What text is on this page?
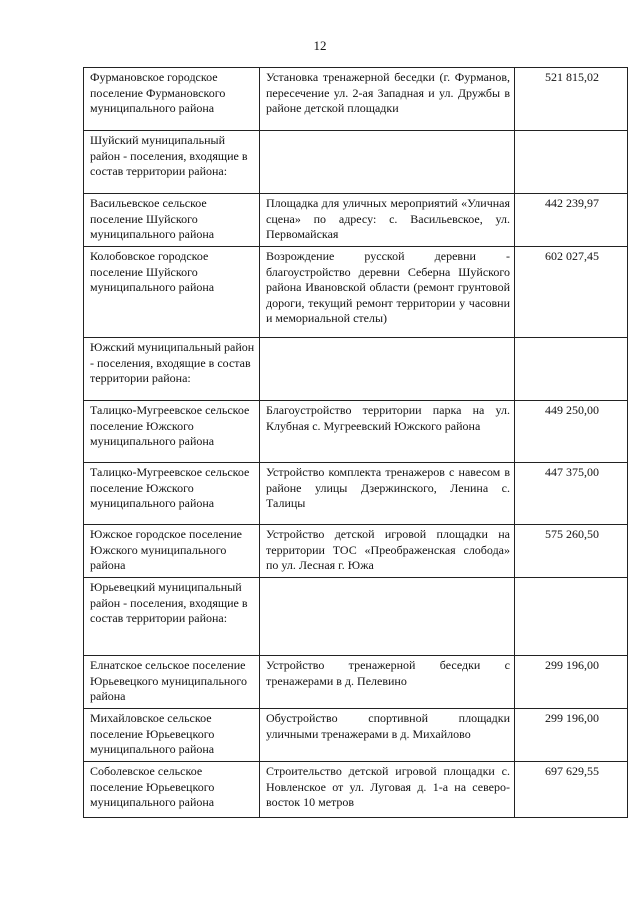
12
Фурмановское городское поселение Фурмановского муниципального района	Установка тренажерной беседки (г. Фурманов, пересечение ул. 2-ая Западная и ул. Дружбы в районе детской площадки	521 815,02
Шуйский муниципальный район - поселения, входящие в состав территории района:		
Васильевское сельское поселение Шуйского муниципального района	Площадка для уличных мероприятий «Уличная сцена» по адресу: с. Васильевское, ул. Первомайская	442 239,97
Колобовское городское поселение Шуйского муниципального района	Возрождение русской деревни - благоустройство деревни Себерна Шуйского района Ивановской области (ремонт грунтовой дороги, текущий ремонт территории у часовни и мемориальной стелы)	602 027,45
Южский муниципальный район - поселения, входящие в состав территории района:		
Талицко-Мугреевское сельское поселение Южского муниципального района	Благоустройство территории парка на ул. Клубная с. Мугреевский Южского района	449 250,00
Талицко-Мугреевское сельское поселение Южского муниципального района	Устройство комплекта тренажеров с навесом в районе улицы Дзержинского, Ленина с. Талицы	447 375,00
Южское городское поселение Южского муниципального района	Устройство детской игровой площадки на территории ТОС «Преображенская слобода» по ул. Лесная г. Южа	575 260,50
Юрьевецкий муниципальный район - поселения, входящие в состав территории района:		
Елнатское сельское поселение Юрьевецкого муниципального района	Устройство тренажерной беседки с тренажерами в д. Пелевино	299 196,00
Михайловское сельское поселение Юрьевецкого муниципального района	Обустройство спортивной площадки уличными тренажерами в д. Михайлово	299 196,00
Соболевское сельское поселение Юрьевецкого муниципального района	Строительство детской игровой площадки с. Новленское от ул. Луговая д. 1-а на северо-восток 10 метров	697 629,55
